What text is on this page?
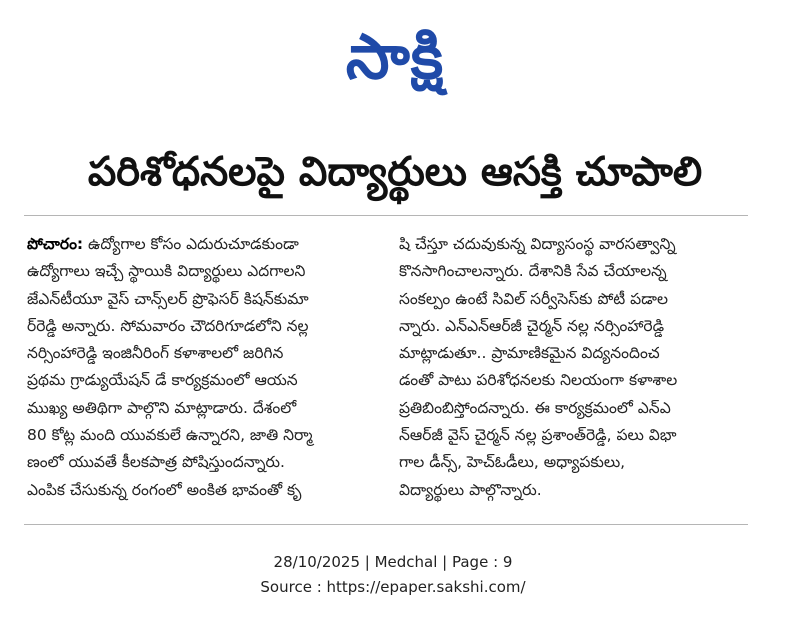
సాక్షి
పరిశోధనలపై విద్యార్థులు ఆసక్తి చూపాలి
పోచారం: ఉద్యోగాల కోసం ఎదురుచూడకుండా
ఉద్యోగాలు ఇచ్చే స్థాయికి విద్యార్థులు ఎదగాలని
జేఎన్‌టీయూ వైస్‌ చాన్స్‌లర్‌ ప్రొఫెసర్‌ కిషన్‌కుమా
ర్‌రెడ్డి అన్నారు. సోమవారం చౌదరిగూడలోని నల్ల
నర్సింహారెడ్డి ఇంజినీరింగ్‌ కళాశాలలో జరిగిన
ప్రథమ గ్రాడ్యుయేషన్‌ డే కార్యక్రమంలో ఆయన
ముఖ్య అతిథిగా పాల్గొని మాట్లాడారు. దేశంలో
80 కోట్ల మంది యువకులే ఉన్నారని, జాతి నిర్మా
ణంలో యువతే కీలకపాత్ర పోషిస్తుందన్నారు.
ఎంపిక చేసుకున్న రంగంలో అంకిత భావంతో కృ
షి చేస్తూ చదువుకున్న విద్యాసంస్థ వారసత్వాన్ని
కొనసాగించాలన్నారు. దేశానికి సేవ చేయాలన్న
సంకల్పం ఉంటే సివిల్‌ సర్వీసెస్‌కు పోటీ పడాల
న్నారు. ఎన్‌ఎన్‌ఆర్‌జీ చైర్మన్‌ నల్ల నర్సింహారెడ్డి
మాట్లాడుతూ.. ప్రామాణికమైన విద్యనందించ
డంతో పాటు పరిశోధనలకు నిలయంగా కళాశాల
ప్రతిబింబిస్తోందన్నారు. ఈ కార్యక్రమంలో ఎన్‌ఎ
న్‌ఆర్‌జీ వైస్‌ చైర్మన్‌ నల్ల ప్రశాంత్‌రెడ్డి, పలు విభా
గాల డీన్స్‌, హెచ్‌ఓడీలు, అధ్యాపకులు,
విద్యార్థులు పాల్గొన్నారు.
28/10/2025 | Medchal | Page : 9
Source : https://epaper.sakshi.com/
